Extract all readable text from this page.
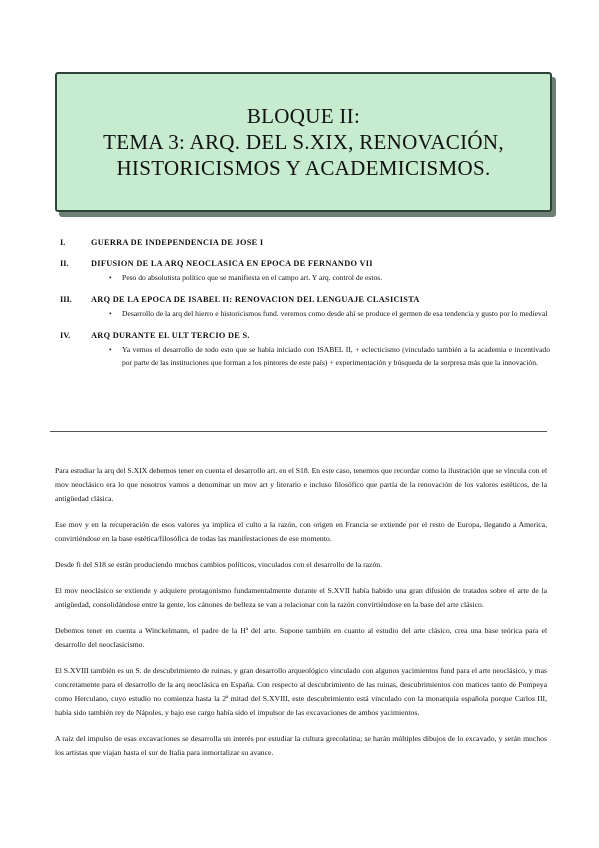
BLOQUE II:
TEMA 3: ARQ. DEL S.XIX, RENOVACIÓN,
HISTORICISMOS Y ACADEMICISMOS.
I.	GUERRA DE INDEPENDENCIA DE JOSE I
II.	DIFUSION DE LA ARQ NEOCLASICA EN EPOCA DE FERNANDO VII
•	Peso do absolutista político que se manifiesta en el campo art. Y arq. control de estos.
III.	ARQ DE LA EPOCA DE ISABEL II: RENOVACION DEL LENGUAJE CLASICISTA
•	Desarrollo de la arq del hierro e historicismos fund. veremos como desde ahí se produce el germen de esa tendencia y gusto por lo medieval
IV.	ARQ DURANTE EL ULT TERCIO DE S.
•	Ya vemos el desarrollo de todo esto que se había iniciado con ISABEL II, + eclecticismo (vinculado también a la academia e incentivado por parte de las instituciones que forman a los pintores de este país) + experimentación y búsqueda de la sorpresa más que la innovación.

Para estudiar la arq del S.XIX debemos tener en cuenta el desarrollo art. en el S18. En este caso, tenemos que recordar como la ilustración que se vincula con el mov neoclásico era lo que nosotros vamos a denominar un mov art y literario e incluso filosófico que partía de la renovación de los valores estéticos, de la antigüedad clásica.

Ese mov y en la recuperación de esos valores ya implica el culto a la razón, con origen en Francia se extiende por el resto de Europa, llegando a America, convirtiéndose en la base estética/filosófica de todas las manifestaciones de ese momento.

Desde fi del S18 se están produciendo muchos cambios políticos, vinculados con el desarrollo de la razón.

El mov neoclásico se extiende y adquiere protagonismo fundamentalmente durante el S.XVII había habido una gran difusión de tratados sobre el arte de la antigüedad, consolidándose entre la gente, los cánones de belleza se van a relacionar con la razón convirtiéndose en la base del arte clásico.

Debemos tener en cuenta a Winckelmann, el padre de la Hª del arte. Supone también en cuanto al estudio del arte clásico, crea una base teórica para el desarrollo del neoclasicismo.

El S.XVIII también es un S. de descubrimiento de ruinas, y gran desarrollo arqueológico vinculado con algunos yacimientos fund para el arte neoclásico, y mas concretamente para el desarrollo de la arq neoclásica en España. Con respecto al descubrimiento de las ruinas, descubrimientos con matices tanto de Pompeya como Herculano, cuyo estudio no comienza hasta la 2ª mitad del S.XVIII, este descubrimiento está vinculado con la monarquía española porque Carlos III, había sido también rey de Nápoles, y bajo ese cargo había sido el impulsor de las excavaciones de ambos yacimientos.

A raíz del impulso de esas excavaciones se desarrolla un interés por estudiar la cultura grecolatina; se harán múltiples dibujos de lo excavado, y serán muchos los artistas que viajan hasta el sur de Italia para inmortalizar su avance.
